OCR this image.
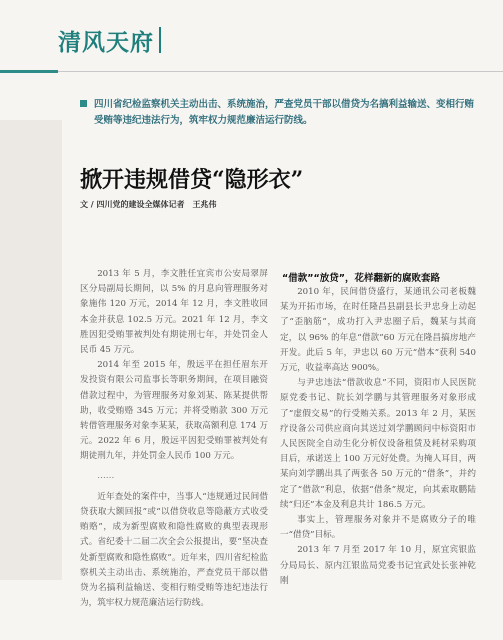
清风天府
四川省纪检监察机关主动出击、系统施治，严查党员干部以借贷为名搞利益输送、变相行贿受贿等违纪违法行为，筑牢权力规范廉洁运行防线。
掀开违规借贷“隐形衣”
文 / 四川党的建设全媒体记者　王兆伟

2013 年 5 月，李文胜任宜宾市公安局翠屏区分局副局长期间，以 5% 的月息向管理服务对象施伟 120 万元，2014 年 12 月，李文胜收回本金并获息 102.5 万元。2021 年 12 月，李文胜因犯受贿罪被判处有期徒刑七年，并处罚金人民币 45 万元。

2014 年至 2015 年，殷远平在担任眉东开发投资有限公司监事长等职务期间，在项目融资借款过程中，为管理服务对象刘某、陈某提供帮助，收受贿赂 345 万元；并将受贿款 300 万元转借管理服务对象李某某，获取高额利息 174 万元。2022 年 6 月，殷远平因犯受贿罪被判处有期徒刑九年，并处罚金人民币 100 万元。

……

近年查处的案件中，当事人“违规通过民间借贷获取大额回报”或“以借贷收息等隐蔽方式收受贿赂”，成为新型腐败和隐性腐败的典型表现形式。省纪委十二届二次全会公报提出，要“坚决查处新型腐败和隐性腐败”。近年来，四川省纪检监察机关主动出击、系统施治，严查党员干部以借贷为名搞利益输送、变相行贿受贿等违纪违法行为，筑牢权力规范廉洁运行防线。

“借款”“放贷”，花样翻新的腐败套路

2010 年，民间借贷盛行，某通讯公司老板魏某为开拓市场，在时任隆昌县副县长尹忠身上动起了“歪脑筋”，成功打入尹忠圈子后，魏某与其商定，以 96% 的年息“借款”60 万元在隆昌搞房地产开发。此后 5 年，尹忠以 60 万元“借本”获利 540 万元，收益率高达 900%。

与尹忠违法“借款收息”不同，资阳市人民医院原党委书记、院长刘学鹏与其管理服务对象形成了“虚假交易”的行受贿关系。2013 年 2 月，某医疗设备公司供应商向其送过刘学鹏顾问中标资阳市人民医院全自动生化分析仪设备租赁及耗材采购项目后，承诺送上 100 万元好处费。为掩人耳目，两某向刘学鹏出具了两张各 50 万元的“借条”，并约定了“借款”利息，依据“借条”规定，向其索取鹏陆续“归还”本金及利息共计 186.5 万元。

事实上，管理服务对象并不是腐败分子的唯一“借贷”目标。

2013 年 7 月至 2017 年 10 月，原宜宾银监分局局长、原内江银监局党委书记宜武处长张神乾刚
